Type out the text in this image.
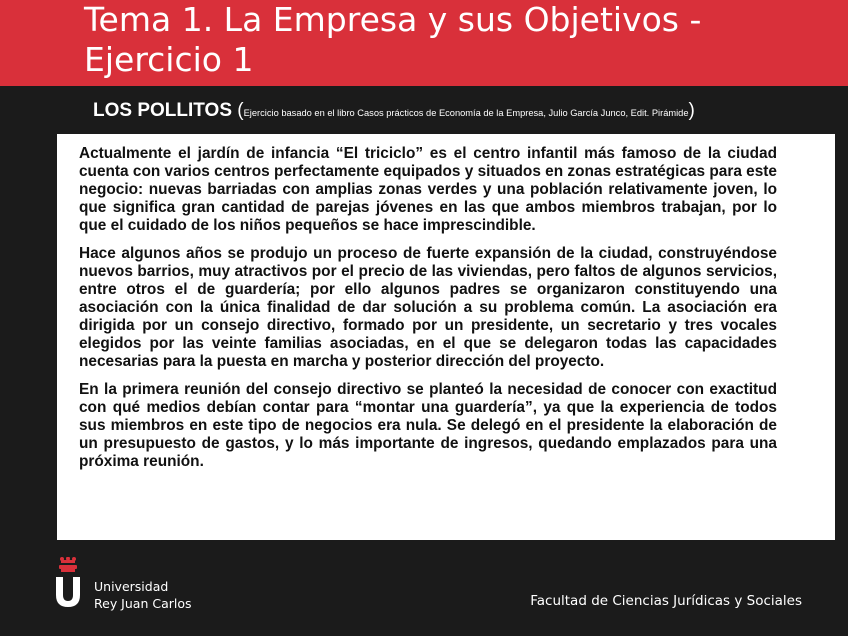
Tema 1. La Empresa y sus Objetivos -
Ejercicio 1
LOS POLLITOS (Ejercicio basado en el libro Casos prácticos de Economía de la Empresa, Julio García Junco, Edit. Pirámide)

Actualmente el jardín de infancia “El triciclo” es el centro infantil más famoso de la ciudad cuenta con varios centros perfectamente equipados y situados en zonas estratégicas para este negocio: nuevas barriadas con amplias zonas verdes y una población relativamente joven, lo que significa gran cantidad de parejas jóvenes en las que ambos miembros trabajan, por lo que el cuidado de los niños pequeños se hace imprescindible.

Hace algunos años se produjo un proceso de fuerte expansión de la ciudad, construyéndose nuevos barrios, muy atractivos por el precio de las viviendas, pero faltos de algunos servicios, entre otros el de guardería; por ello algunos padres se organizaron constituyendo una asociación con la única finalidad de dar solución a su problema común. La asociación era dirigida por un consejo directivo, formado por un presidente, un secretario y tres vocales elegidos por las veinte familias asociadas, en el que se delegaron todas las capacidades necesarias para la puesta en marcha y posterior dirección del proyecto.

En la primera reunión del consejo directivo se planteó la necesidad de conocer con exactitud con qué medios debían contar para “montar una guardería”, ya que la experiencia de todos sus miembros en este tipo de negocios era nula. Se delegó en el presidente la elaboración de un presupuesto de gastos, y lo más importante de ingresos, quedando emplazados para una próxima reunión.

Universidad
Rey Juan Carlos	Facultad de Ciencias Jurídicas y Sociales
